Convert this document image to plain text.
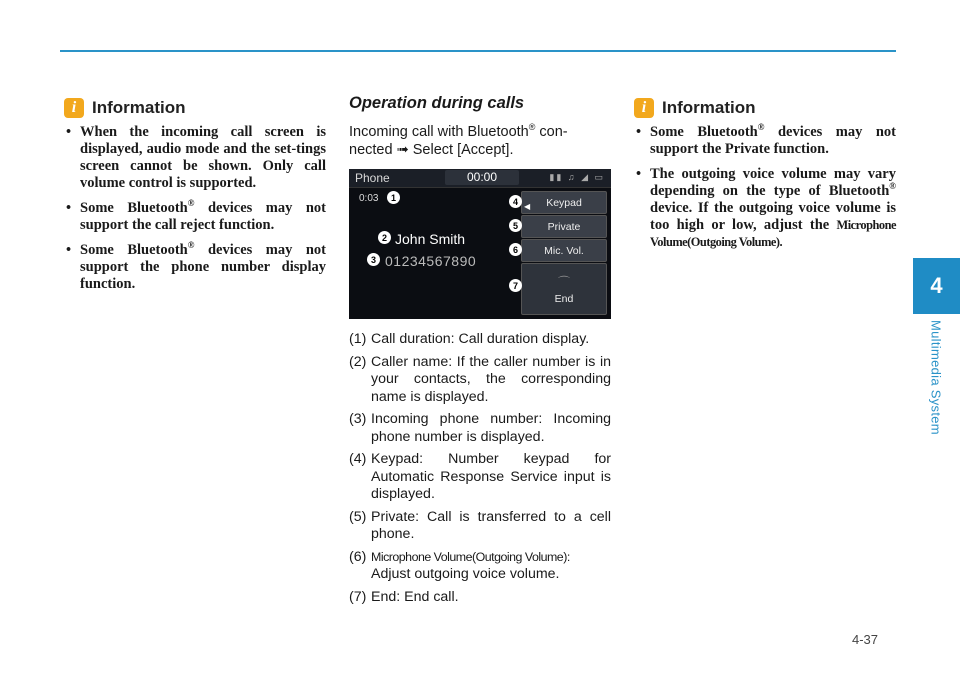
4
Multimedia System
i Information
• When the incoming call screen is displayed, audio mode and the set-tings screen cannot be shown. Only call volume control is supported.
• Some Bluetooth® devices may not support the call reject function.
• Some Bluetooth® devices may not support the phone number display function.
Operation during calls
Incoming call with Bluetooth® con-nected ➟ Select [Accept].
Phone	00:00	▮▮ ♫ ◢ ▭
0:03
John Smith
01234567890
Keypad
Private
Mic. Vol.
⌒
End
◀
1
2
3
4
5
6
7
(1) Call duration: Call duration display.
(2) Caller name: If the caller number is in your contacts, the corresponding name is displayed.
(3) Incoming phone number: Incoming phone number is displayed.
(4) Keypad: Number keypad for Automatic Response Service input is displayed.
(5) Private: Call is transferred to a cell phone.
(6) Microphone Volume(Outgoing Volume):
Adjust outgoing voice volume.
(7) End: End call.
i Information
• Some Bluetooth® devices may not support the Private function.
• The outgoing voice volume may vary depending on the type of Bluetooth® device. If the outgoing voice volume is too high or low, adjust the Microphone Volume(Outgoing Volume).
4-37
